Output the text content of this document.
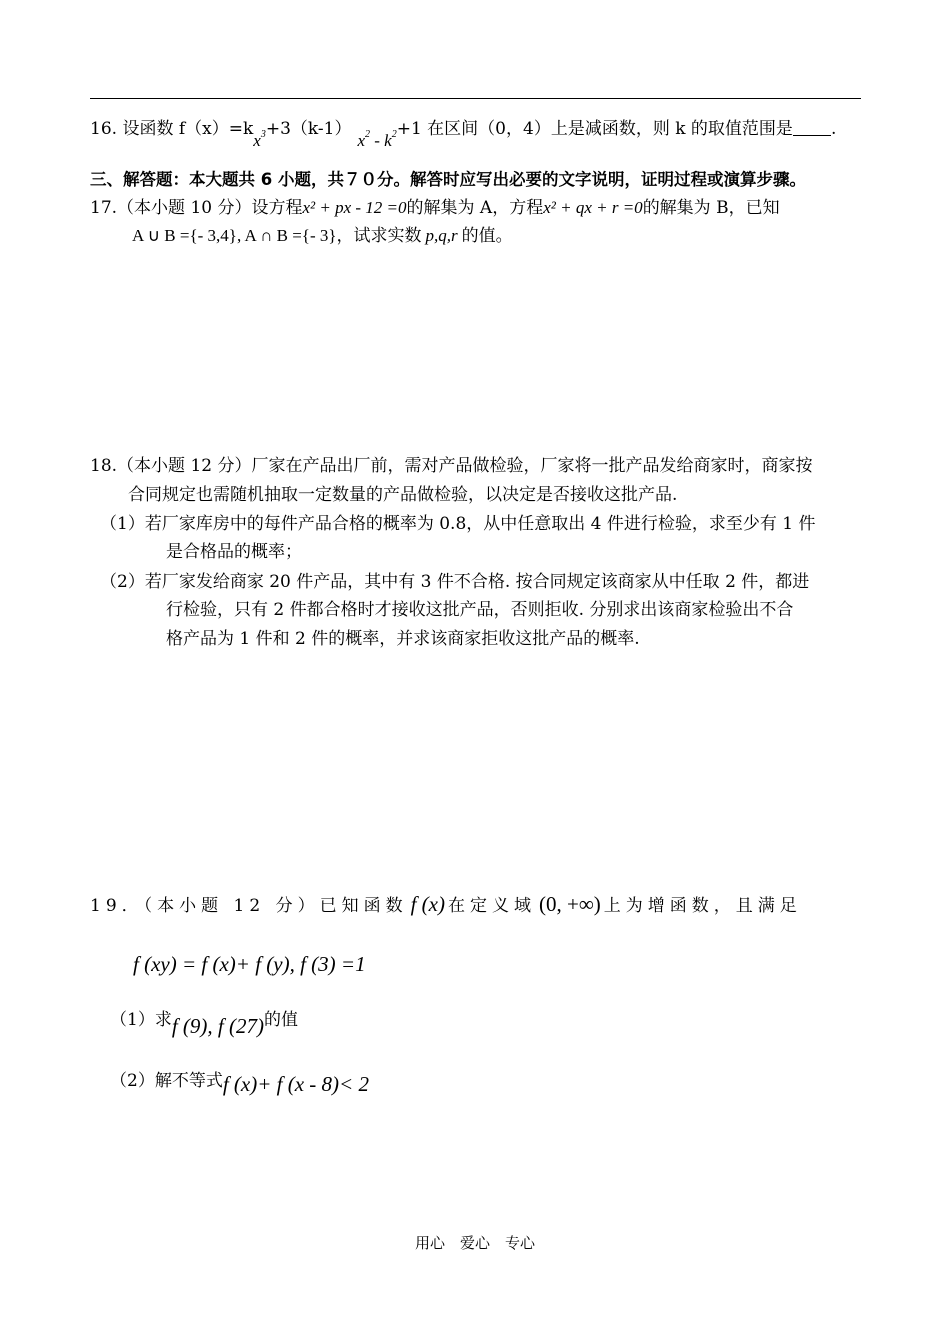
16. 设函数 $f(x)=kx^3+3(k-1)x^2 - k^2+1$ 在区间（0，4）上是减函数，则 k 的取值范围是 .
三、解答题：本大题共 6 小题，共７０分。解答时应写出必要的文字说明，证明过程或演算步骤。
17.（本小题 10 分）设方程x² + px - 12 =0的解集为 A，方程x² + qx + r =0的解集为 B，已知
A ∪ B ={- 3,4}, A ∩ B ={- 3}，试求实数 p,q,r 的值。
18.（本小题 12 分）厂家在产品出厂前，需对产品做检验，厂家将一批产品发给商家时，商家按
合同规定也需随机抽取一定数量的产品做检验，以决定是否接收这批产品.
（1）若厂家库房中的每件产品合格的概率为 0.8，从中任意取出 4 件进行检验，求至少有 1 件
是合格品的概率；
（2）若厂家发给商家 20 件产品，其中有 3 件不合格. 按合同规定该商家从中任取 2 件，都进
行检验，只有 2 件都合格时才接收这批产品，否则拒收. 分别求出该商家检验出不合
格产品为 1 件和 2 件的概率，并求该商家拒收这批产品的概率.
19．（本小题 12 分）已知函数 f (x) 在定义域 (0, +∞) 上为增函数，且满足
f (xy) = f (x)+ f (y), f (3) =1
（1）求f (9), f (27)的值
（2）解不等式f (x)+ f (x - 8)< 2
用心　爱心　专心
